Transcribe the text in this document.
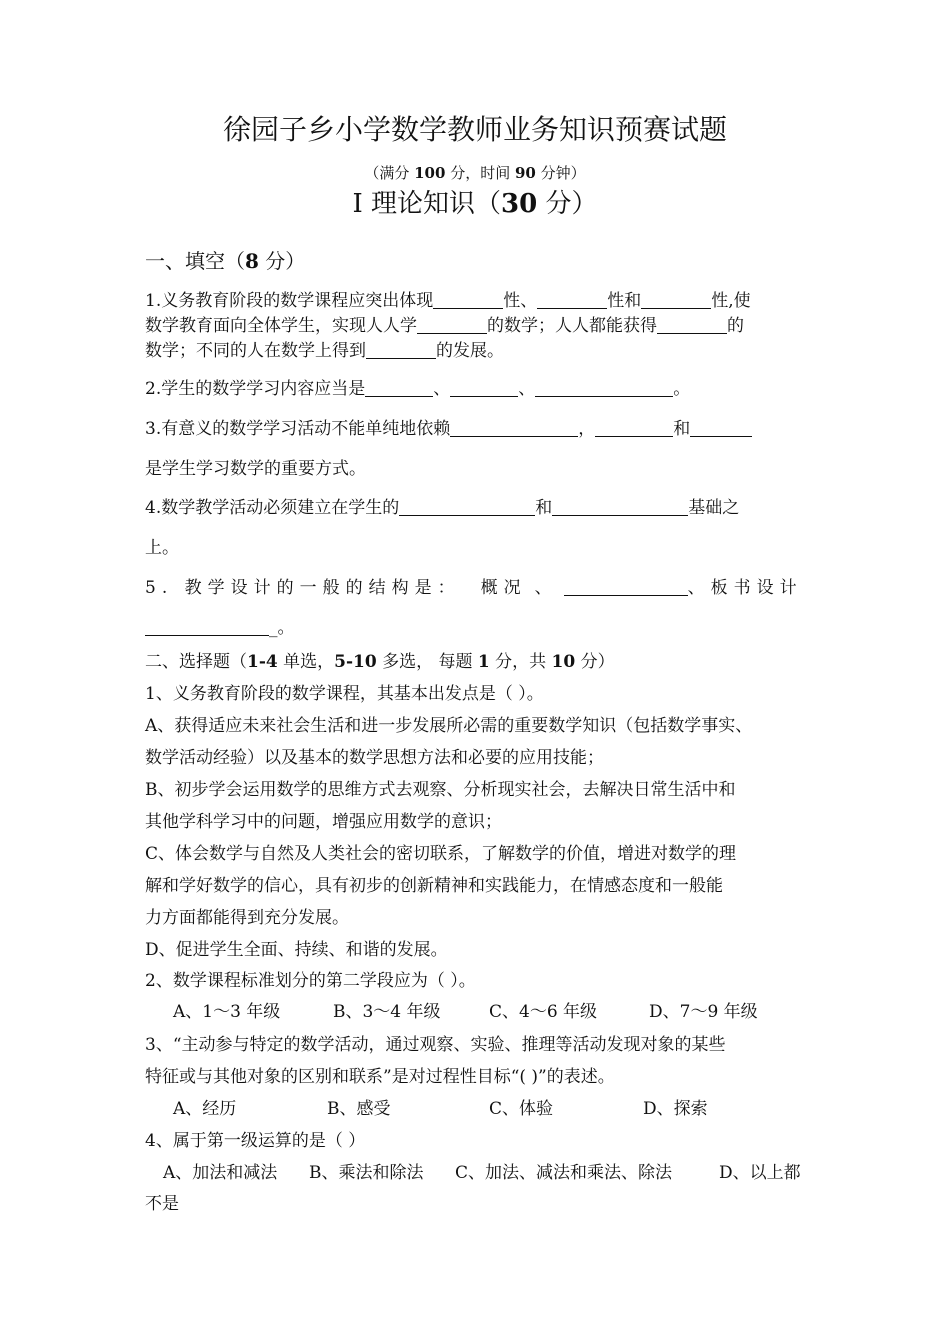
徐园子乡小学数学教师业务知识预赛试题
（满分 100 分，时间 90 分钟）
Ⅰ 理论知识（30 分）
一、填空（8 分）
1.义务教育阶段的数学课程应突出体现	性、	性和	性,使
数学教育面向全体学生，实现人人学	的数学；人人都能获得	的
数学；不同的人在数学上得到	的发展。
2.学生的数学学习内容应当是	、	、	。
3.有意义的数学学习活动不能单纯地依赖	，	和
是学生学习数学的重要方式。
4.数学教学活动必须建立在学生的	和	基础之
上。
5. 教学设计的一般的结构是： 概况 、	、板书设计
_。
二、选择题（1-4 单选，5-10 多选， 每题 1 分，共 10 分）
1、义务教育阶段的数学课程，其基本出发点是（ ）。
A、获得适应未来社会生活和进一步发展所必需的重要数学知识（包括数学事实、
数学活动经验）以及基本的数学思想方法和必要的应用技能；
B、初步学会运用数学的思维方式去观察、分析现实社会，去解决日常生活中和
其他学科学习中的问题，增强应用数学的意识；
C、体会数学与自然及人类社会的密切联系，了解数学的价值，增进对数学的理
解和学好数学的信心，具有初步的创新精神和实践能力，在情感态度和一般能
力方面都能得到充分发展。
D、促进学生全面、持续、和谐的发展。
2、数学课程标准划分的第二学段应为（ ）。
A、1～3 年级	B、3～4 年级	C、4～6 年级	D、7～9 年级
3、“主动参与特定的数学活动，通过观察、实验、推理等活动发现对象的某些
特征或与其他对象的区别和联系”是对过程性目标“( )”的表述。
A、经历	B、感受	C、体验	D、探索
4、属于第一级运算的是（ ）
A、加法和减法 B、乘法和除法 C、加法、减法和乘法、除法	D、以上都
不是
